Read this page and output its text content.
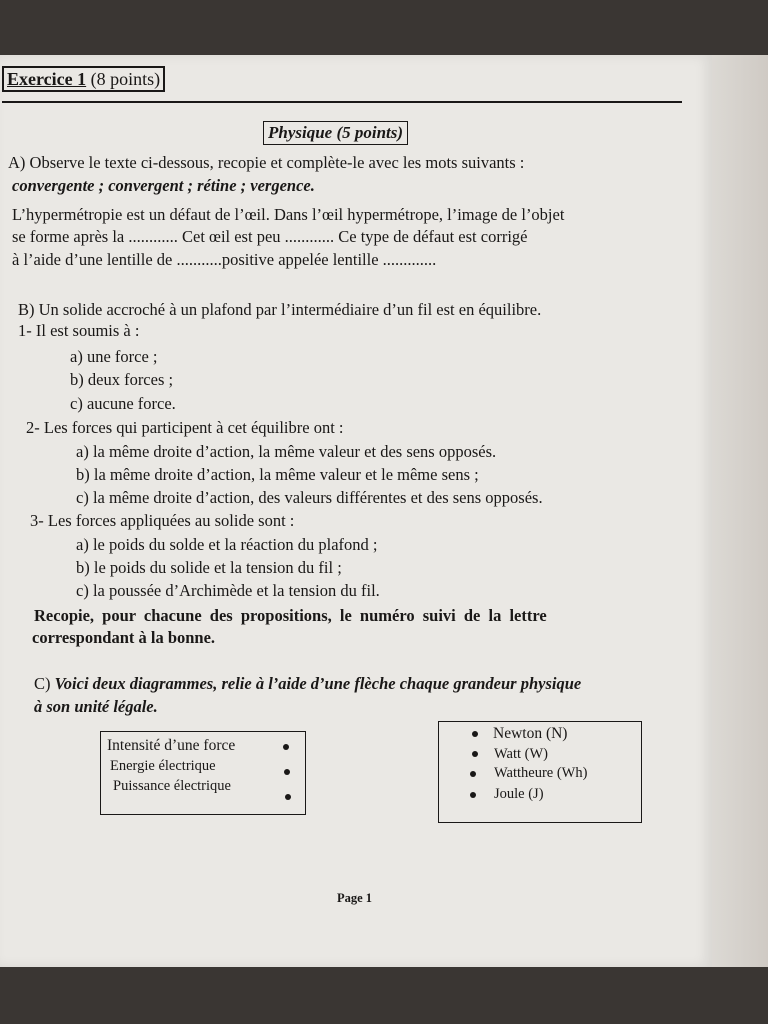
Exercice 1 (8 points)
Physique (5 points)
A) Observe le texte ci-dessous, recopie et complète-le avec les mots suivants :
convergente ; convergent ; rétine ; vergence.
L’hypermétropie est un défaut de l’œil. Dans l’œil hypermétrope, l’image de l’objet
se forme après la ............ Cet œil est peu ............ Ce type de défaut est corrigé
à l’aide d’une lentille de ...........positive appelée lentille .............
B) Un solide accroché à un plafond par l’intermédiaire d’un fil est en équilibre.
1- Il est soumis à :
a) une force ;
b) deux forces ;
c) aucune force.
2- Les forces qui participent à cet équilibre ont :
a) la même droite d’action, la même valeur et des sens opposés.
b) la même droite d’action, la même valeur et le même sens ;
c) la même droite d’action, des valeurs différentes et des sens opposés.
3- Les forces appliquées au solide sont :
a) le poids du solde et la réaction du plafond ;
b) le poids du solide et la tension du fil ;
c) la poussée d’Archimède et la tension du fil.
Recopie, pour chacune des propositions, le numéro suivi de la lettre
correspondant à la bonne.
C) Voici deux diagrammes, relie à l’aide d’une flèche chaque grandeur physique
à son unité légale.
Intensité d’une force
Energie électrique
Puissance électrique
Newton (N)
Watt (W)
Wattheure (Wh)
Joule (J)
Page 1
